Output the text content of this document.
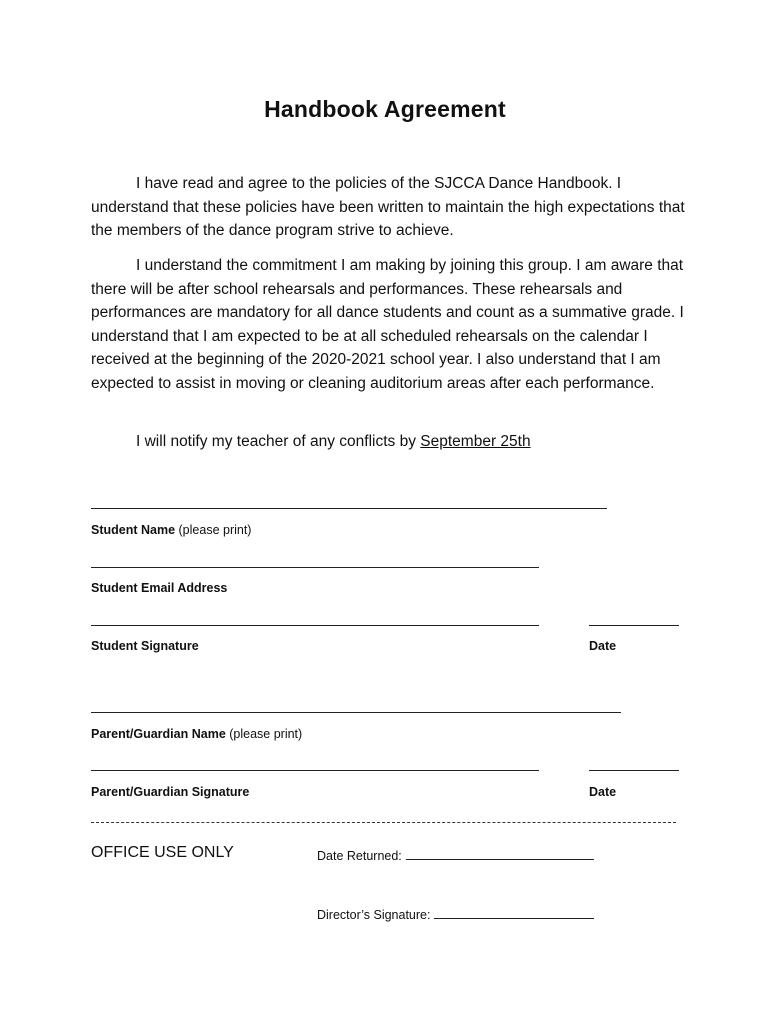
Handbook Agreement

I have read and agree to the policies of the SJCCA Dance Handbook. I understand that these policies have been written to maintain the high expectations that the members of the dance program strive to achieve.

I understand the commitment I am making by joining this group. I am aware that there will be after school rehearsals and performances. These rehearsals and performances are mandatory for all dance students and count as a summative grade. I understand that I am expected to be at all scheduled rehearsals on the calendar I received at the beginning of the 2020-2021 school year. I also understand that I am expected to assist in moving or cleaning auditorium areas after each performance.

I will notify my teacher of any conflicts by September 25th

Student Name (please print)
Student Email Address
Student Signature	Date
Parent/Guardian Name (please print)
Parent/Guardian Signature	Date
OFFICE USE ONLY	Date Returned:
Director’s Signature:
